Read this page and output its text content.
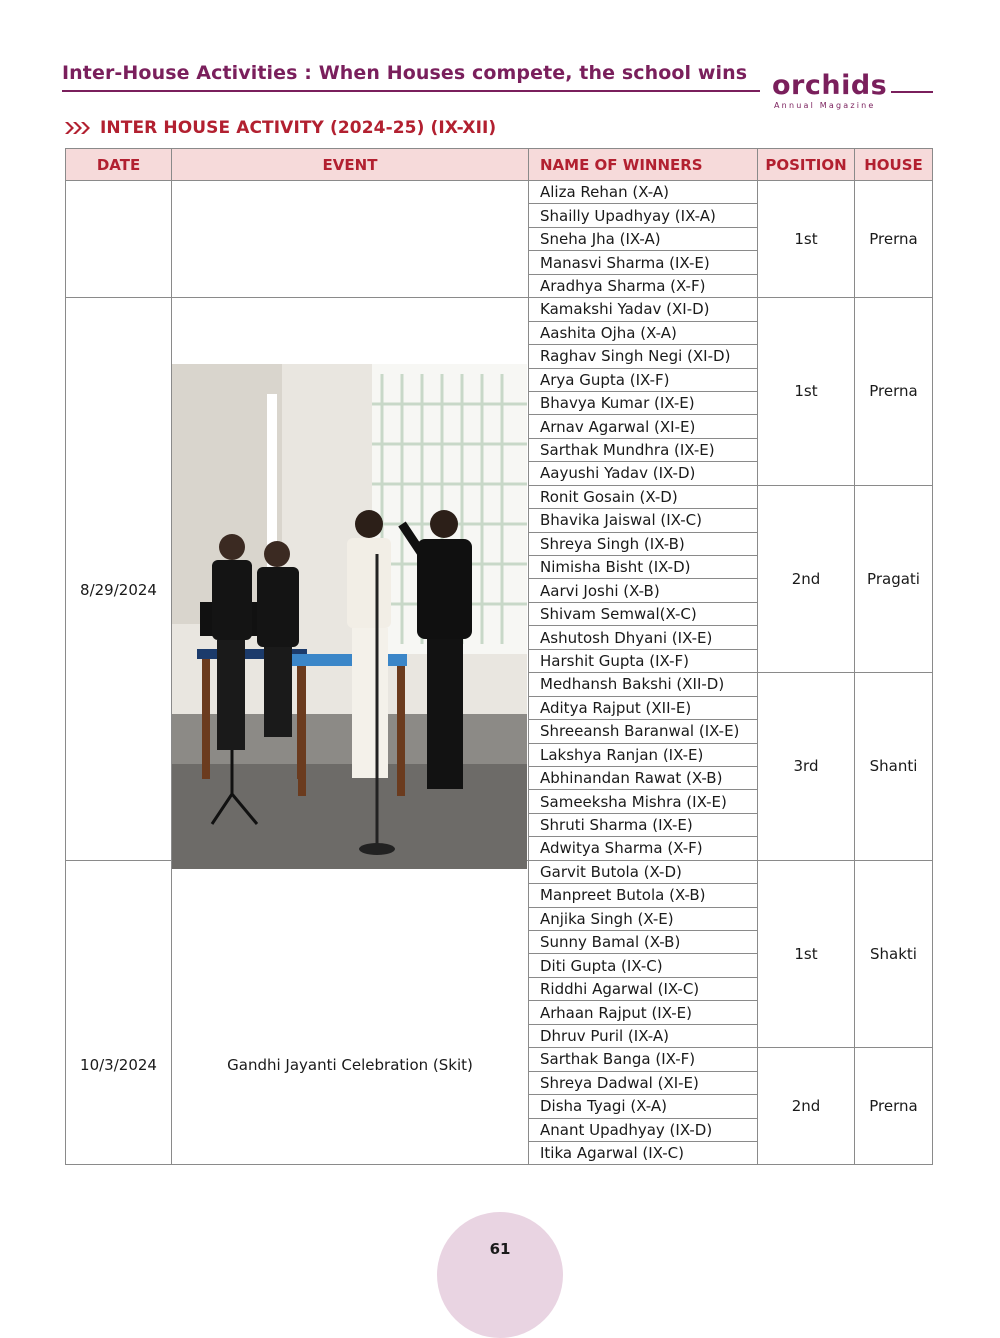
Inter-House Activities : When Houses compete, the school wins orchids
Annual Magazine
INTER HOUSE ACTIVITY (2024-25) (IX-XII)
DATE	EVENT	NAME OF WINNERS	POSITION	HOUSE
		Aliza Rehan (X-A)	1st	Prerna
		Shailly Upadhyay (IX-A)		
		Sneha Jha (IX-A)		
		Manasvi Sharma (IX-E)		
		Aradhya Sharma (X-F)		

8/29/2024		Kamakshi Yadav (XI-D)	1st	Prerna
		Aashita Ojha (X-A)		
		Raghav Singh Negi (XI-D)		
		Arya Gupta (IX-F)		
		Bhavya Kumar (IX-E)		
		Arnav Agarwal (XI-E)		
		Sarthak Mundhra (IX-E)		
		Aayushi Yadav (IX-D)		
		Ronit Gosain (X-D)	2nd	Pragati
		Bhavika Jaiswal (IX-C)		
		Shreya Singh (IX-B)		
		Nimisha Bisht (IX-D)		
		Aarvi Joshi (X-B)		
		Shivam Semwal(X-C)		
		Ashutosh Dhyani (IX-E)		
		Harshit Gupta (IX-F)		
		Medhansh Bakshi (XII-D)	3rd	Shanti
		Aditya Rajput (XII-E)		
		Shreeansh Baranwal (IX-E)		
		Lakshya Ranjan (IX-E)		
		Abhinandan Rawat (X-B)		
		Sameeksha Mishra (IX-E)		
		Shruti Sharma (IX-E)		
		Adwitya Sharma (X-F)		

10/3/2024	Gandhi Jayanti Celebration (Skit)	Garvit Butola (X-D)	1st	Shakti
		Manpreet Butola (X-B)		
		Anjika Singh (X-E)		
		Sunny Bamal (X-B)		
		Diti Gupta (IX-C)		
		Riddhi Agarwal (IX-C)		
		Arhaan Rajput (IX-E)		
		Dhruv Puril (IX-A)		
		Sarthak Banga (IX-F)	2nd	Prerna
		Shreya Dadwal (XI-E)		
		Disha Tyagi (X-A)		
		Anant Upadhyay (IX-D)		
		Itika Agarwal (IX-C)		
61
